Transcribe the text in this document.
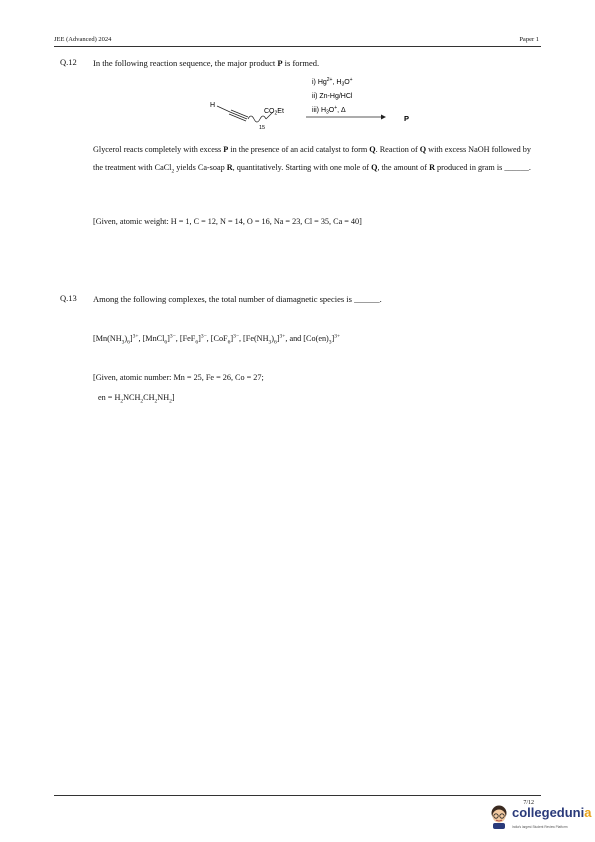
JEE (Advanced) 2024	Paper 1
Q.12 In the following reaction sequence, the major product P is formed.
H
$CO_2Et$
15
i) $Hg^{2+}$, $H_3O^+$
ii) Zn-Hg/HCl
iii) $H_3O^+$, Δ
P
Glycerol reacts completely with excess P in the presence of an acid catalyst to form Q. Reaction of Q with excess NaOH followed by the treatment with CaCl$_2$ yields Ca-soap R, quantitatively. Starting with one mole of Q, the amount of R produced in gram is ______.
[Given, atomic weight: H = 1, C = 12, N = 14, O = 16, Na = 23, Cl = 35, Ca = 40]
Q.13 Among the following complexes, the total number of diamagnetic species is ______.
$[Mn(NH_3)_6]^{3+}$, [MnCl$_6$]$^{3-}$, $[FeF_6]^{3-}$, $[CoF_6]^{3-}$, $[Fe(NH_3)_6]^{3+}$, and $[Co(en)_3]^{3+}$
[Given, atomic number: Mn = 25, Fe = 26, Co = 27;
en = $H_2NCH_2CH_2NH_2$]
7/12
collegedunia
India's largest Student Review Platform
